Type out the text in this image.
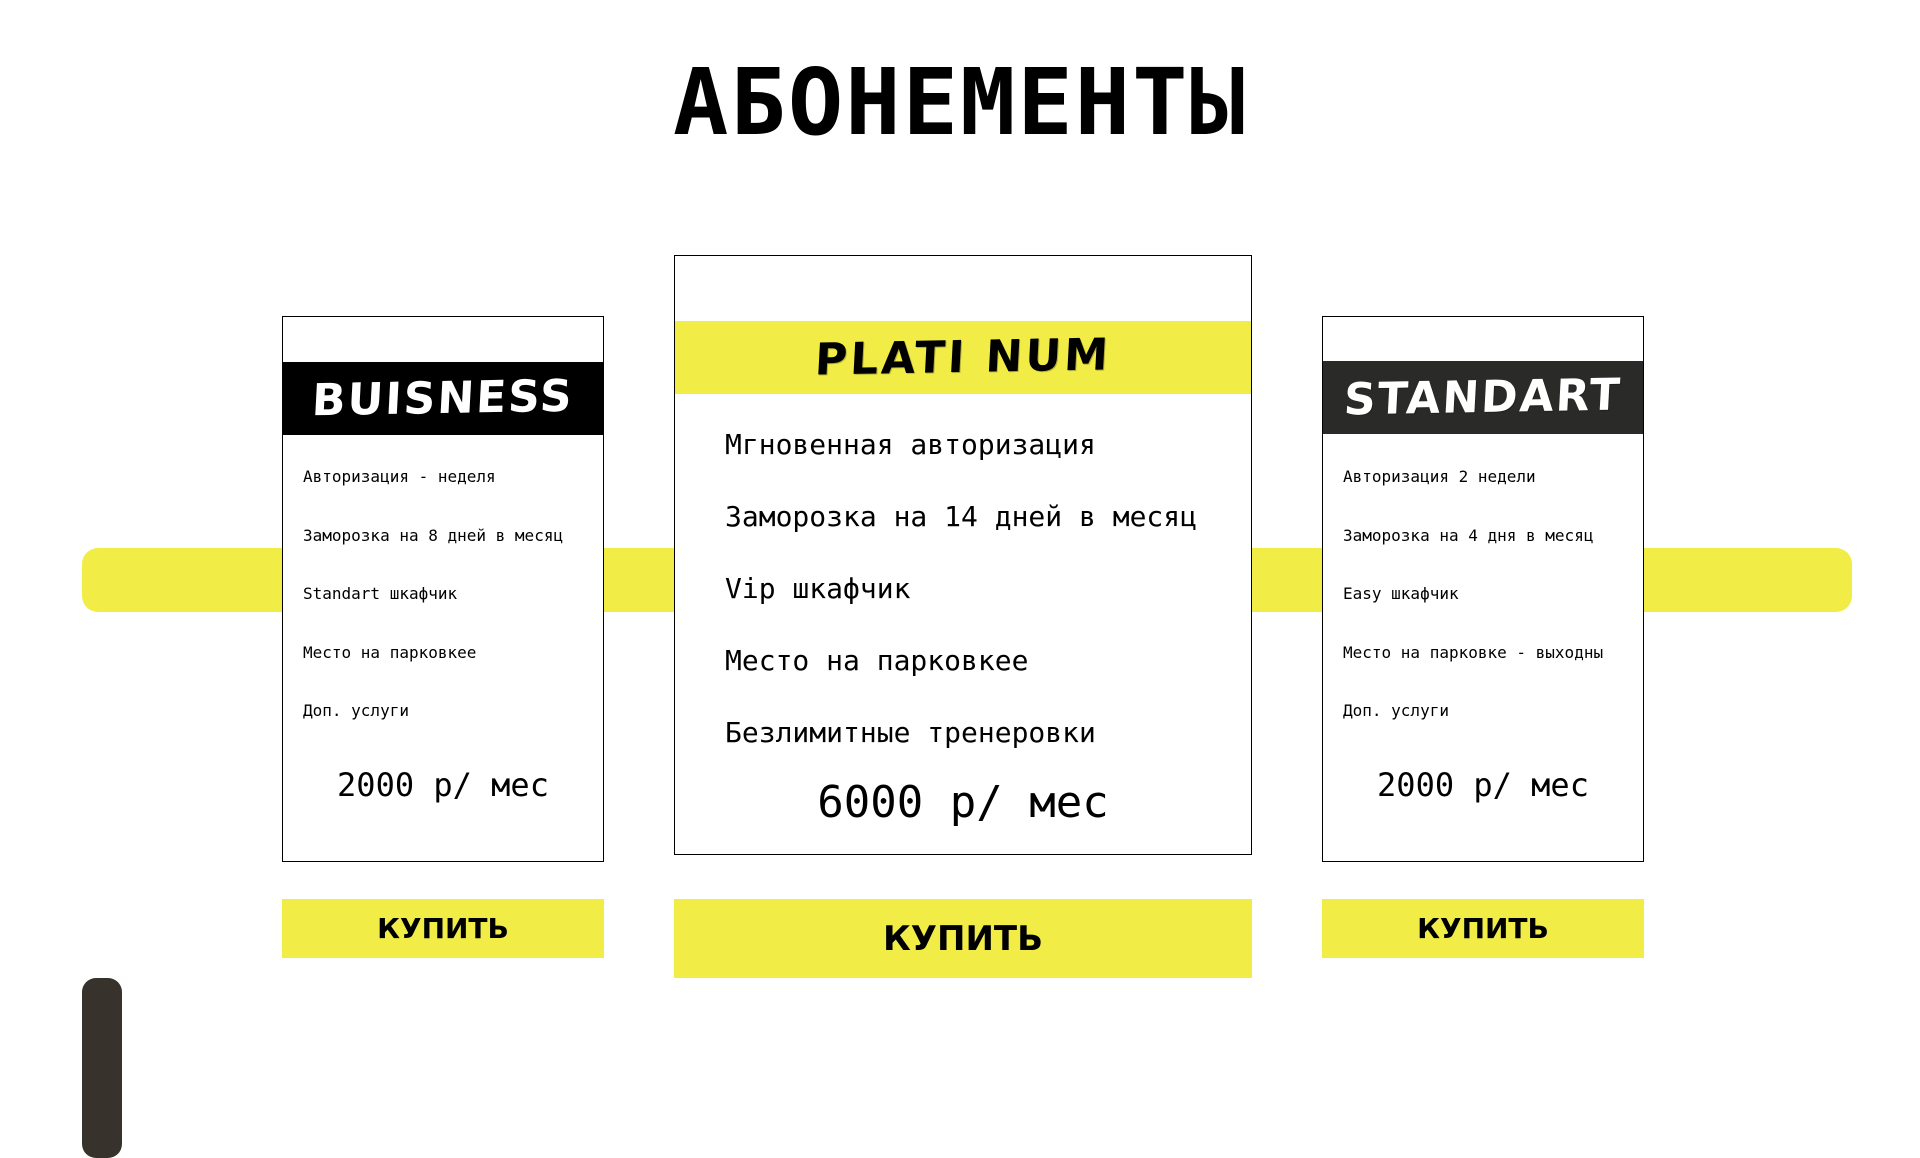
АБОНЕМЕНТЫ
BUISNESS
Авторизация - неделя
Заморозка на 8 дней в месяц
Standart шкафчик
Место на парковкее
Доп. услуги
2000 р/ мес
PLATI NUM
Мгновенная авторизация
Заморозка на 14 дней в месяц
Vip шкафчик
Место на парковкее
Безлимитные тренеровки
6000 р/ мес
STANDART
Авторизация 2 недели
Заморозка на 4 дня в месяц
Easy шкафчик
Место на парковке - выходны
Доп. услуги
2000 р/ мес
КУПИТЬ	КУПИТЬ	КУПИТЬ
